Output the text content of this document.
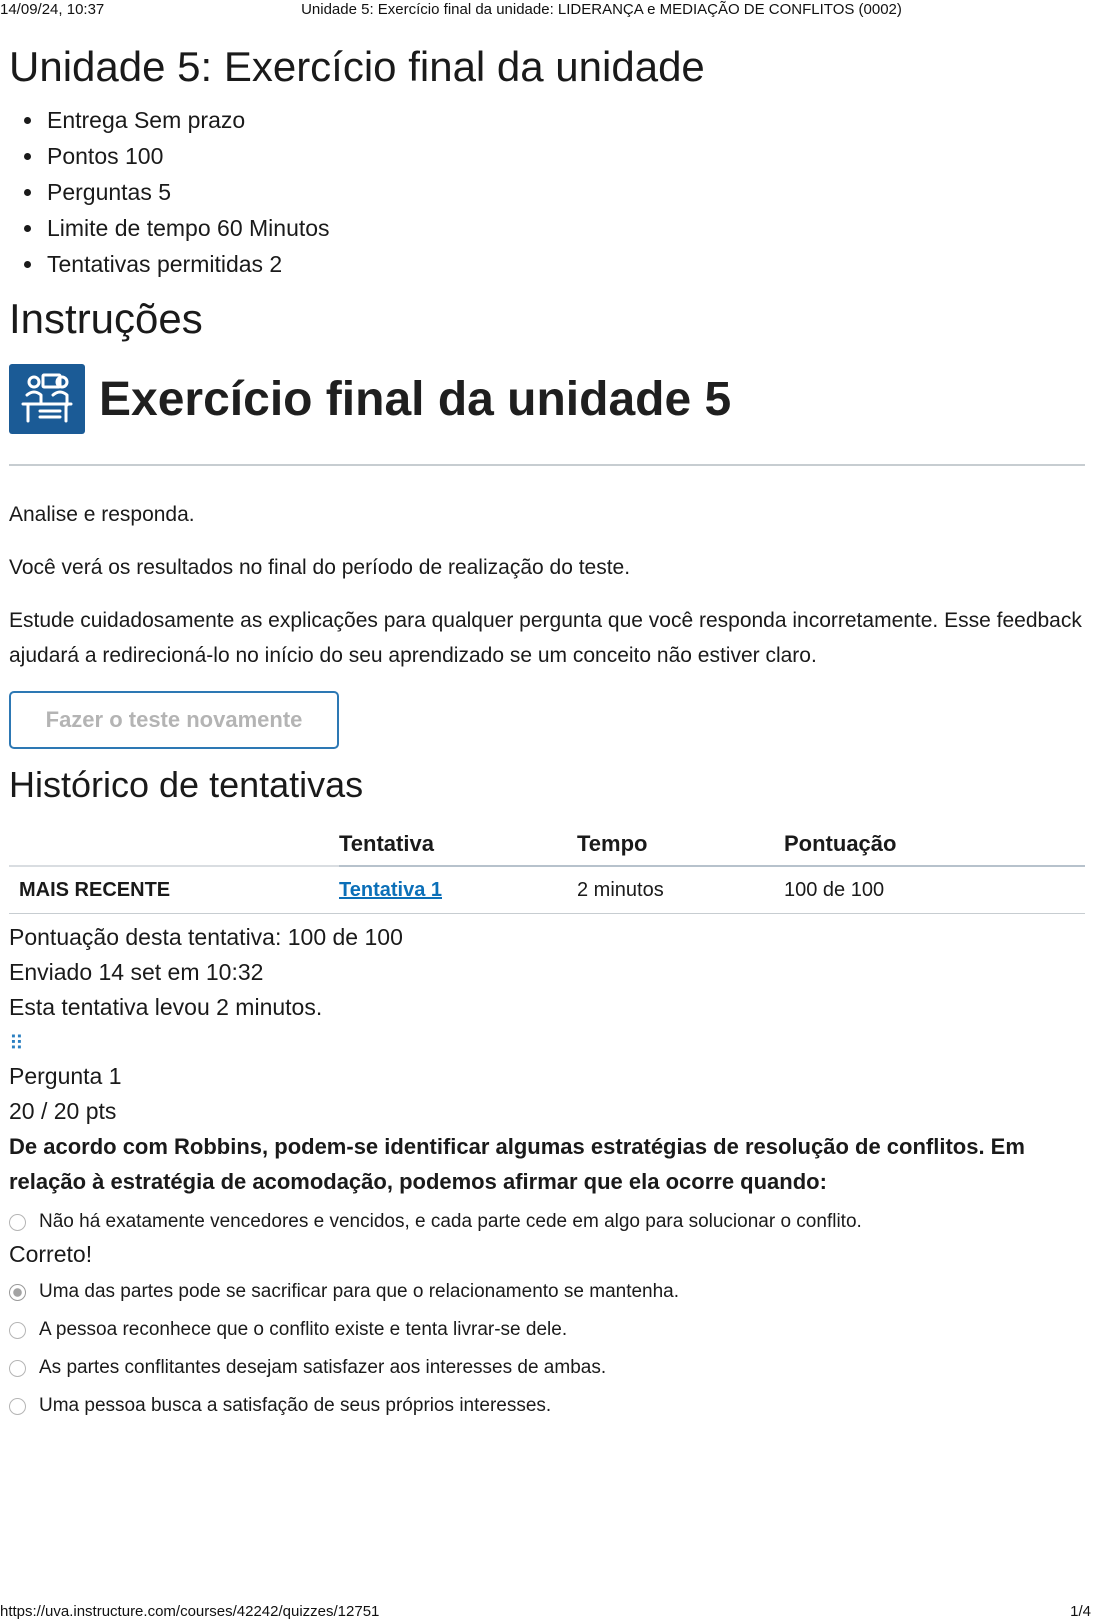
14/09/24, 10:37	Unidade 5: Exercício final da unidade: LIDERANÇA e MEDIAÇÃO DE CONFLITOS (0002)
Unidade 5: Exercício final da unidade
• Entrega Sem prazo
• Pontos 100
• Perguntas 5
• Limite de tempo 60 Minutos
• Tentativas permitidas 2
Instruções
Exercício final da unidade 5

Analise e responda.

Você verá os resultados no final do período de realização do teste.

Estude cuidadosamente as explicações para qualquer pergunta que você responda incorretamente. Esse feedback ajudará a redirecioná-lo no início do seu aprendizado se um conceito não estiver claro.

Fazer o teste novamente
Histórico de tentativas
	Tentativa	Tempo	Pontuação
MAIS RECENTE	Tentativa 1	2 minutos	100 de 100
Pontuação desta tentativa: 100 de 100
Enviado 14 set em 10:32
Esta tentativa levou 2 minutos.
⠿
Pergunta 1
20 / 20 pts
De acordo com Robbins, podem-se identificar algumas estratégias de resolução de conflitos. Em relação à estratégia de acomodação, podemos afirmar que ela ocorre quando:
Não há exatamente vencedores e vencidos, e cada parte cede em algo para solucionar o conflito.
Correto!
Uma das partes pode se sacrificar para que o relacionamento se mantenha.
A pessoa reconhece que o conflito existe e tenta livrar-se dele.
As partes conflitantes desejam satisfazer aos interesses de ambas.
Uma pessoa busca a satisfação de seus próprios interesses.
https://uva.instructure.com/courses/42242/quizzes/12751	1/4
